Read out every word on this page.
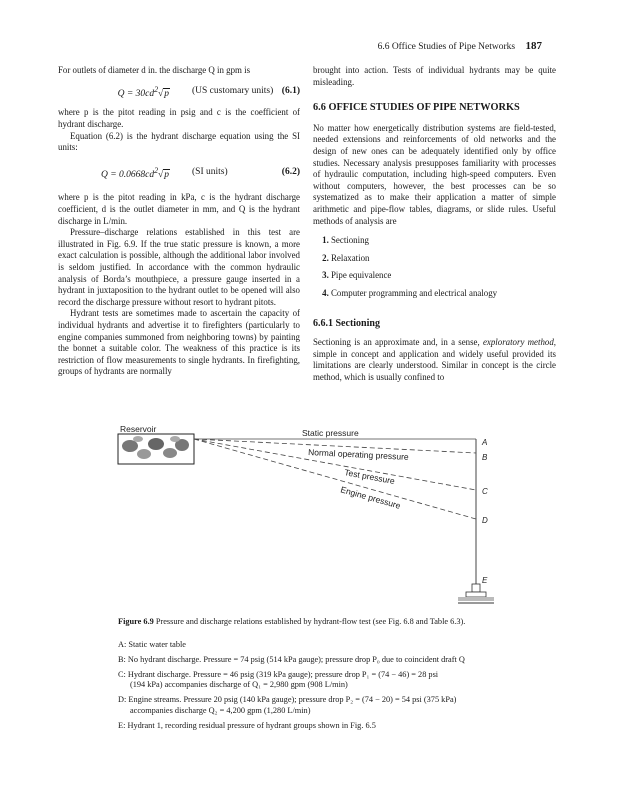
6.6 Office Studies of Pipe Networks 187

For outlets of diameter d in. the discharge Q in gpm is

$Q = 30cd^2√p$	(US customary units) (6.1)

where p is the pitot reading in psig and c is the coefficient of hydrant discharge.

Equation (6.2) is the hydrant discharge equation using the SI units:

$Q = 0.0668cd^2√p$	(SI units)	(6.2)

where p is the pitot reading in kPa, c is the hydrant discharge coefficient, d is the outlet diameter in mm, and Q is the hydrant discharge in L/min.

Pressure–discharge relations established in this test are illustrated in Fig. 6.9. If the true static pressure is known, a more exact calculation is possible, although the additional labor involved is seldom justified. In accordance with the common hydraulic analysis of Borda’s mouthpiece, a pressure gauge inserted in a hydrant in juxtaposition to the hydrant outlet to be opened will also record the discharge pressure without resort to hydrant pitots.

Hydrant tests are sometimes made to ascertain the capacity of individual hydrants and advertise it to firefighters (particularly to engine companies summoned from neighboring towns) by painting the bonnet a suitable color. The weakness of this practice is its restriction of flow measurements to single hydrants. In firefighting, groups of hydrants are normally

brought into action. Tests of individual hydrants may be quite misleading.

6.6 OFFICE STUDIES OF PIPE NETWORKS

No matter how energetically distribution systems are field-tested, needed extensions and reinforcements of old networks and the design of new ones can be adequately identified only by office studies. Necessary analysis presupposes familiarity with processes of hydraulic computation, including high-speed computers. Even without computers, however, the best processes can be so systematized as to make their application a matter of simple arithmetic and pipe-flow tables, diagrams, or slide rules. Useful methods of analysis are

1. Sectioning
2. Relaxation
3. Pipe equivalence
4. Computer programming and electrical analogy

6.6.1 Sectioning

Sectioning is an approximate and, in a sense, exploratory method, simple in concept and application and widely useful provided its limitations are clearly understood. Similar in concept is the circle method, which is usually confined to

Reservoir	Static pressure
Normal operating pressure
Test pressure
Engine pressure
A
B
C
D
E
Figure 6.9 Pressure and discharge relations established by hydrant-flow test (see Fig. 6.8 and Table 6.3).

A: Static water table

B: No hydrant discharge. Pressure = 74 psig (514 kPa gauge); pressure drop P₀ due to coincident draft Q

C: Hydrant discharge. Pressure = 46 psig (319 kPa gauge); pressure drop P₁ = (74 − 46) = 28 psi
(194 kPa) accompanies discharge of Q₁ = 2,980 gpm (908 L/min)

D: Engine streams. Pressure 20 psig (140 kPa gauge); pressure drop P₂ = (74 − 20) = 54 psi (375 kPa)
accompanies discharge Q₂ = 4,200 gpm (1,280 L/min)

E: Hydrant 1, recording residual pressure of hydrant groups shown in Fig. 6.5
